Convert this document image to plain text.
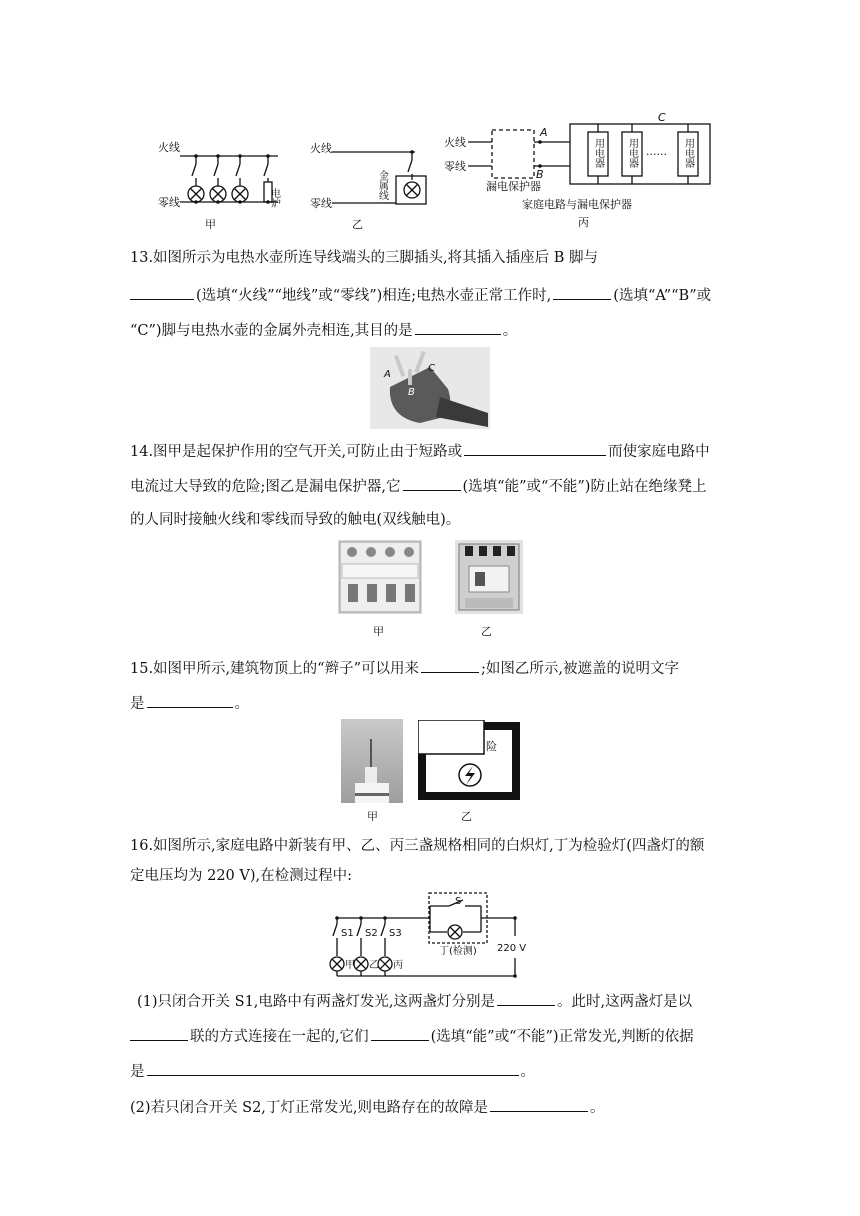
火线
零线	电炉
甲
火线
零线
金属线
乙
火线
零线
A
B
C
漏电保护器
······
家庭电路与漏电保护器
丙
用电器 用电器	用电器
13.如图所示为电热水壶所连导线端头的三脚插头,将其插入插座后 B 脚与
(选填“火线”“地线”或“零线”)相连;电热水壶正常工作时,	(选填“A”“B”或
“C”)脚与电热水壶的金属外壳相连,其目的是	。
A
C
B
14.图甲是起保护作用的空气开关,可防止由于短路或	而使家庭电路中
电流过大导致的危险;图乙是漏电保护器,它	(选填“能”或“不能”)防止站在绝缘凳上
的人同时接触火线和零线而导致的触电(双线触电)。
甲	乙
15.如图甲所示,建筑物顶上的“辫子”可以用来	;如图乙所示,被遮盖的说明文字
是	。
险
甲	乙
16.如图所示,家庭电路中新装有甲、乙、丙三盏规格相同的白炽灯,丁为检验灯(四盏灯的额
定电压均为 220 V),在检测过程中:
S
S1 S2 S3
甲 乙 丙
丁(检测) 220 V
(1)只闭合开关 S1,电路中有两盏灯发光,这两盏灯分别是	。此时,这两盏灯是以
联的方式连接在一起的,它们	(选填“能”或“不能”)正常发光,判断的依据
是	。
(2)若只闭合开关 S2,丁灯正常发光,则电路存在的故障是	。
